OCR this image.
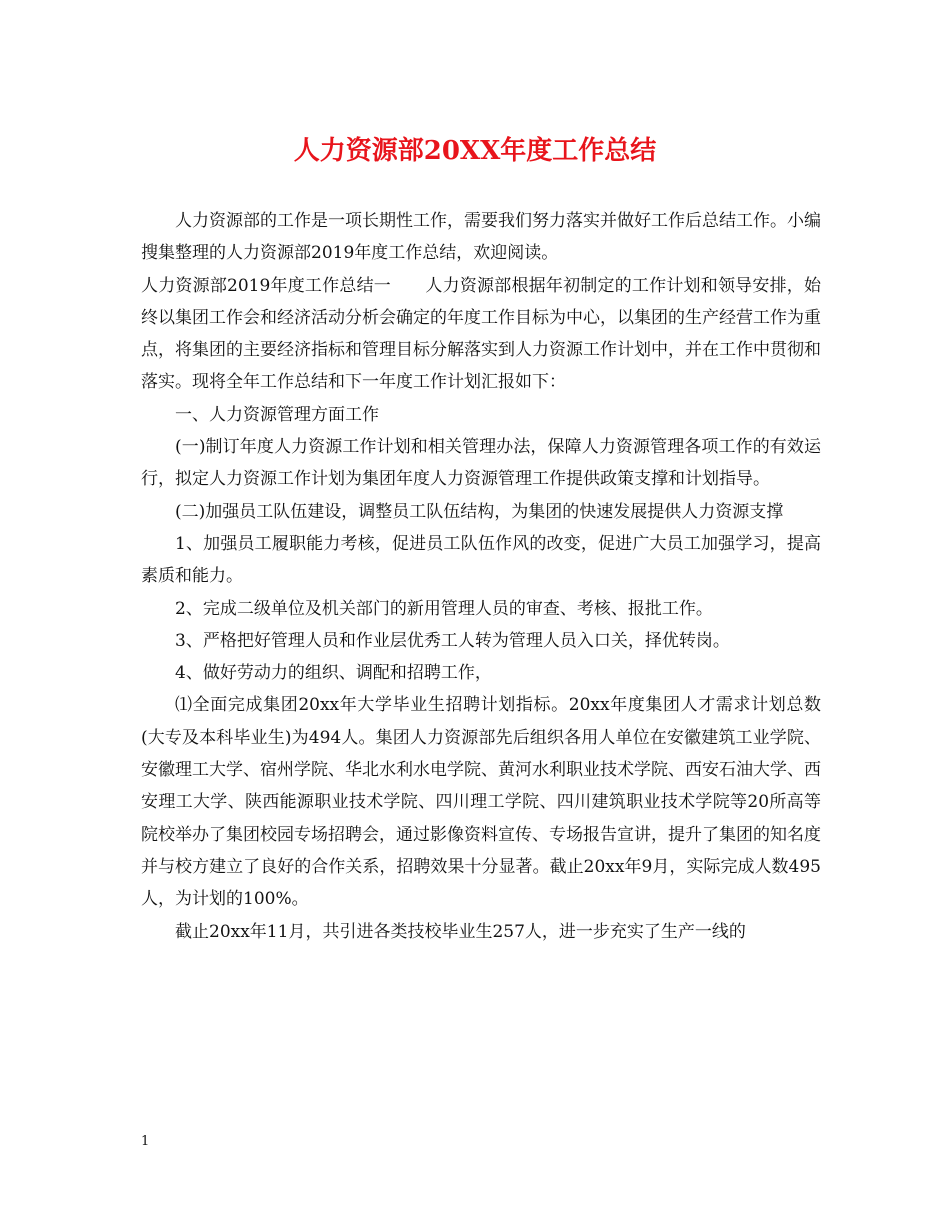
人力资源部20XX年度工作总结

人力资源部的工作是一项长期性工作，需要我们努力落实并做好工作后总结工作。小编搜集整理的人力资源部2019年度工作总结，欢迎阅读。

人力资源部2019年度工作总结一　　人力资源部根据年初制定的工作计划和领导安排，始终以集团工作会和经济活动分析会确定的年度工作目标为中心，以集团的生产经营工作为重点，将集团的主要经济指标和管理目标分解落实到人力资源工作计划中，并在工作中贯彻和落实。现将全年工作总结和下一年度工作计划汇报如下：

一、人力资源管理方面工作

(一)制订年度人力资源工作计划和相关管理办法，保障人力资源管理各项工作的有效运行，拟定人力资源工作计划为集团年度人力资源管理工作提供政策支撑和计划指导。

(二)加强员工队伍建设，调整员工队伍结构，为集团的快速发展提供人力资源支撑

1、加强员工履职能力考核，促进员工队伍作风的改变，促进广大员工加强学习，提高素质和能力。

2、完成二级单位及机关部门的新用管理人员的审查、考核、报批工作。

3、严格把好管理人员和作业层优秀工人转为管理人员入口关，择优转岗。

4、做好劳动力的组织、调配和招聘工作，

⑴全面完成集团20xx年大学毕业生招聘计划指标。20xx年度集团人才需求计划总数(大专及本科毕业生)为494人。集团人力资源部先后组织各用人单位在安徽建筑工业学院、安徽理工大学、宿州学院、华北水利水电学院、黄河水利职业技术学院、西安石油大学、西安理工大学、陕西能源职业技术学院、四川理工学院、四川建筑职业技术学院等20所高等院校举办了集团校园专场招聘会，通过影像资料宣传、专场报告宣讲，提升了集团的知名度并与校方建立了良好的合作关系，招聘效果十分显著。截止20xx年9月，实际完成人数495人，为计划的100%。

截止20xx年11月，共引进各类技校毕业生257人，进一步充实了生产一线的

1
